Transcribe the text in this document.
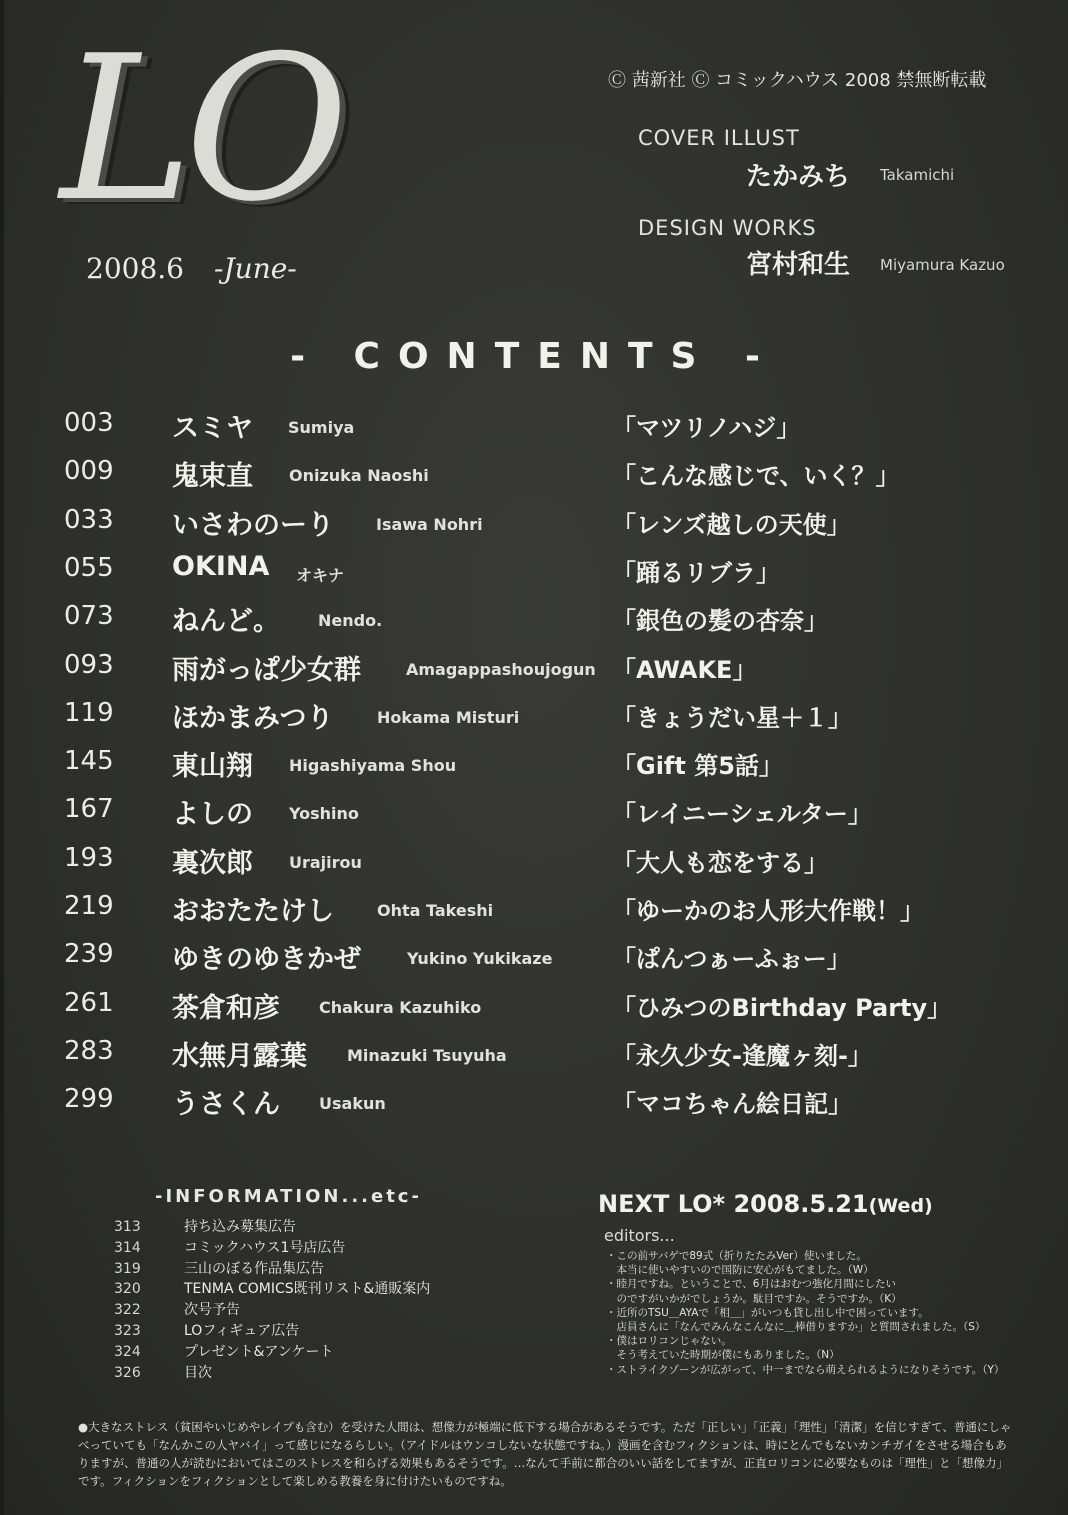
LO
2008.6 -June-
Ⓒ 茜新社 Ⓒ コミックハウス 2008 禁無断転載
COVER ILLUST
たかみち Takamichi
DESIGN WORKS
宮村和生 Miyamura Kazuo
- CONTENTS -
003 スミヤ Sumiya	「マツリノハジ」
009 鬼束直 Onizuka Naoshi	「こんな感じで、いく？」
033 いさわのーり	Isawa Nohri	「レンズ越しの天使」
055 OKINA オキナ	「踊るリブラ」
073 ねんど。 Nendo.	「銀色の髪の杏奈」
093 雨がっぱ少女群	Amagappashoujogun 「AWAKE」
119 ほかまみつり	Hokama Misturi	「きょうだい星＋１」
145 東山翔 Higashiyama Shou	「Gift 第5話」
167 よしの Yoshino	「レイニーシェルター」
193 裏次郎 Urajirou	「大人も恋をする」
219 おおたたけし	Ohta Takeshi	「ゆーかのお人形大作戦！」
239 ゆきのゆきかぜ	Yukino Yukikaze 「ぱんつぁーふぉー」
261 茶倉和彦 Chakura Kazuhiko	「ひみつのBirthday Party」
283 水無月露葉	Minazuki Tsuyuha	「永久少女-逢魔ヶ刻-」
299 うさくん Usakun	「マコちゃん絵日記」
-INFORMATION...etc-
313	持ち込み募集広告
314	コミックハウス1号店広告
319	三山のぼる作品集広告
320	TENMA COMICS既刊リスト&通販案内
322	次号予告
323	LOフィギュア広告
324	プレゼント&アンケート
326	目次
NEXT LO* 2008.5.21(Wed)
editors...
・この前サバゲで89式（折りたたみVer）使いました。
　本当に使いやすいので国防に安心がもてました。（W）
・睦月ですね。ということで、6月はおむつ強化月間にしたい
　のですがいかがでしょうか。駄目ですか。そうですか。（K）
・近所のTSU＿AYAで「相＿」がいつも貸し出し中で困っています。
　店員さんに「なんでみんなこんなに＿棒借りますか」と質問されました。（S）
・僕はロリコンじゃない。
　そう考えていた時期が僕にもありました。（N）
・ストライクゾーンが広がって、中一までなら萌えられるようになりそうです。（Y）
●大きなストレス（貧困やいじめやレイプも含む）を受けた人間は、想像力が極端に低下する場合があるそうです。ただ「正しい」「正義」「理性」「清潔」を信じすぎて、普通にしゃべっていても「なんかこの人ヤバイ」って感じになるらしい。（アイドルはウンコしないな状態ですね。）漫画を含むフィクションは、時にとんでもないカンチガイをさせる場合もありますが、普通の人が読むにおいてはこのストレスを和らげる効果もあるそうです。…なんて手前に都合のいい話をしてますが、正直ロリコンに必要なものは「理性」と「想像力」です。フィクションをフィクションとして楽しめる教養を身に付けたいものですね。
